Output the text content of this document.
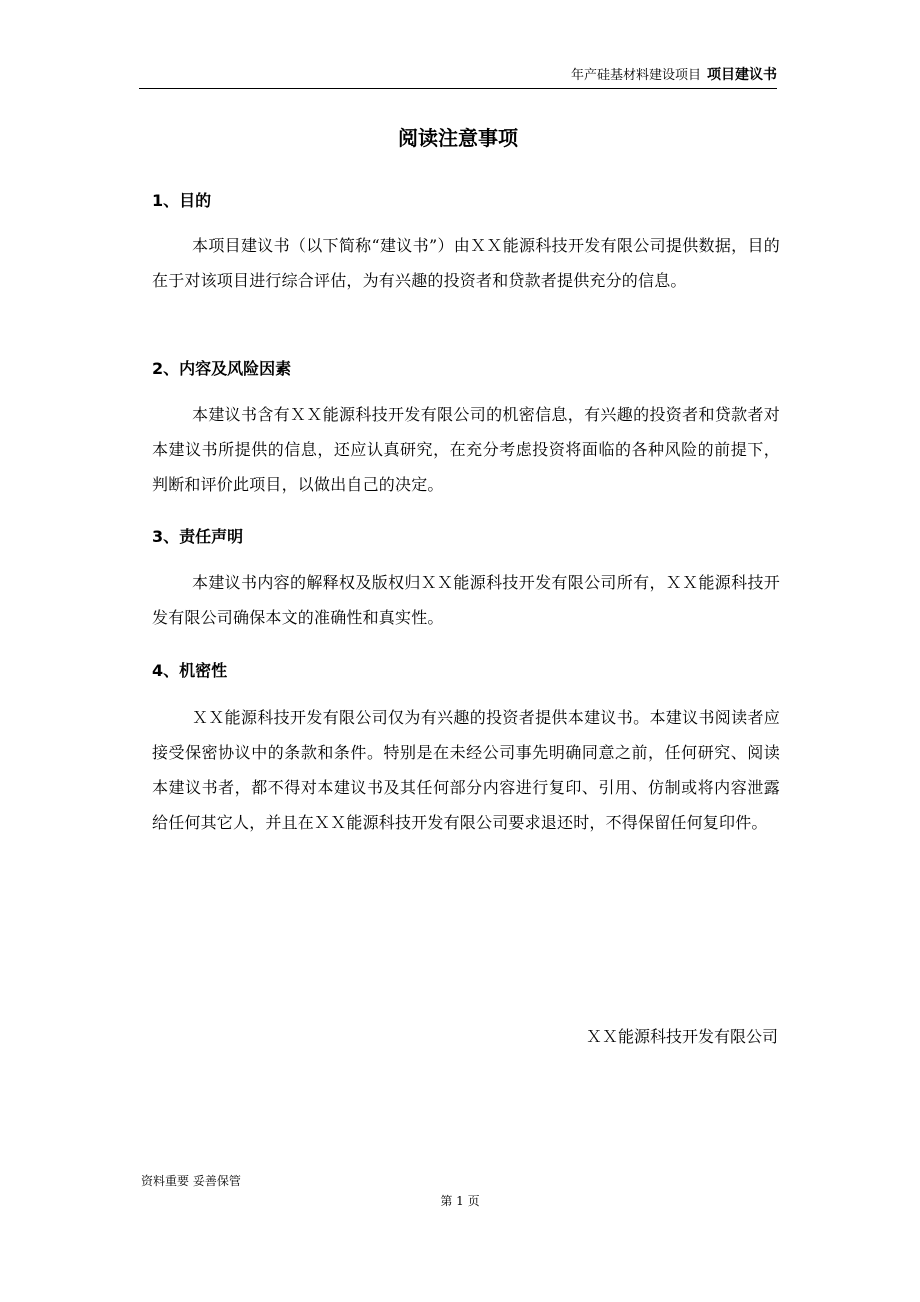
年产硅基材料建设项目 项目建议书
阅读注意事项
1、目的

本项目建议书（以下简称“建议书”）由ＸＸ能源科技开发有限公司提供数据，目的在于对该项目进行综合评估，为有兴趣的投资者和贷款者提供充分的信息。

2、内容及风险因素

本建议书含有ＸＸ能源科技开发有限公司的机密信息，有兴趣的投资者和贷款者对本建议书所提供的信息，还应认真研究，在充分考虑投资将面临的各种风险的前提下，判断和评价此项目，以做出自己的决定。

3、责任声明

本建议书内容的解释权及版权归ＸＸ能源科技开发有限公司所有，ＸＸ能源科技开发有限公司确保本文的准确性和真实性。

4、机密性

ＸＸ能源科技开发有限公司仅为有兴趣的投资者提供本建议书。本建议书阅读者应接受保密协议中的条款和条件。特别是在未经公司事先明确同意之前，任何研究、阅读本建议书者，都不得对本建议书及其任何部分内容进行复印、引用、仿制或将内容泄露给任何其它人，并且在ＸＸ能源科技开发有限公司要求退还时，不得保留任何复印件。

ＸＸ能源科技开发有限公司
资料重要 妥善保管
第 1 页
